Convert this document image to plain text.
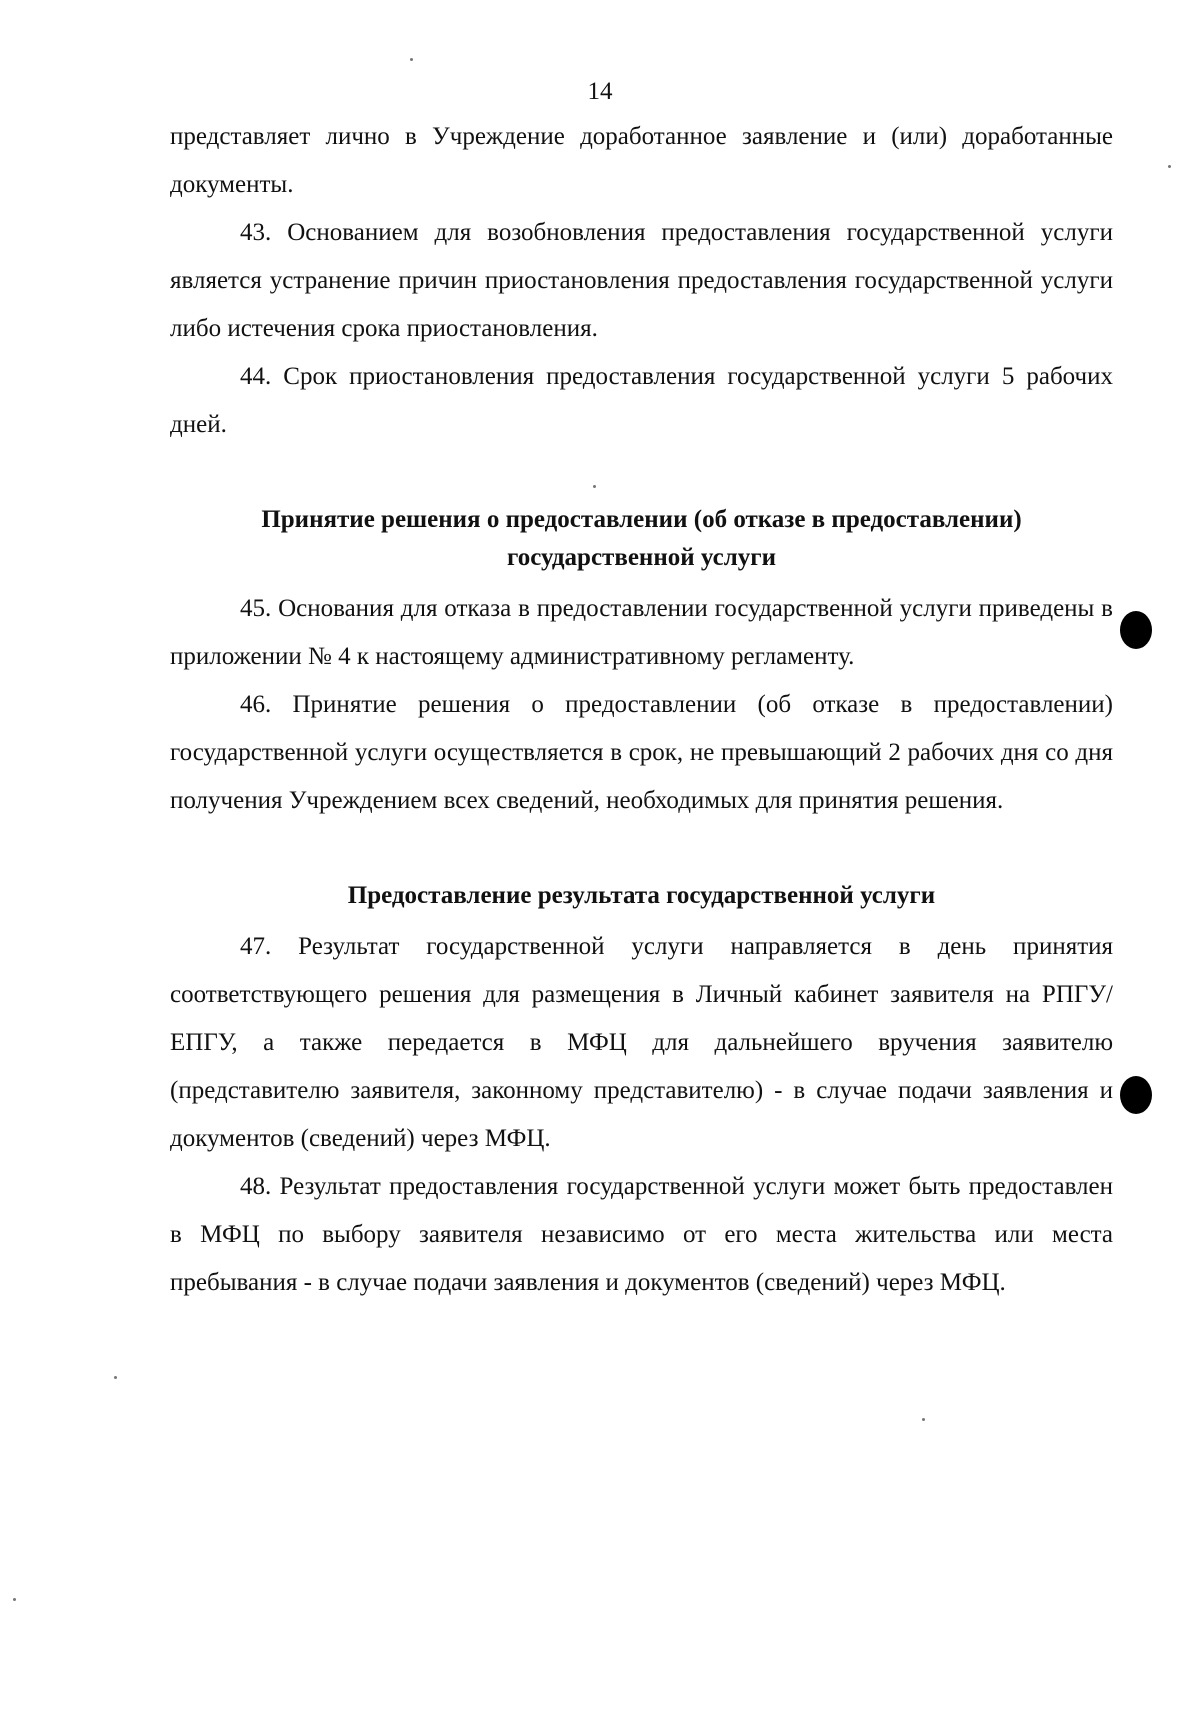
14

представляет лично в Учреждение доработанное заявление и (или) доработанные документы.

43. Основанием для возобновления предоставления государственной услуги является устранение причин приостановления предоставления государственной услуги либо истечения срока приостановления.

44. Срок приостановления предоставления государственной услуги 5 рабочих дней.

Принятие решения о предоставлении (об отказе в предоставлении)
государственной услуги

45. Основания для отказа в предоставлении государственной услуги приведены в приложении № 4 к настоящему административному регламенту.

46. Принятие решения о предоставлении (об отказе в предоставлении) государственной услуги осуществляется в срок, не превышающий 2 рабочих дня со дня получения Учреждением всех сведений, необходимых для принятия решения.

Предоставление результата государственной услуги

47. Результат государственной услуги направляется в день принятия соответствующего решения для размещения в Личный кабинет заявителя на РПГУ/ЕПГУ, а также передается в МФЦ для дальнейшего вручения заявителю (представителю заявителя, законному представителю) - в случае подачи заявления и документов (сведений) через МФЦ.

48. Результат предоставления государственной услуги может быть предоставлен в МФЦ по выбору заявителя независимо от его места жительства или места пребывания - в случае подачи заявления и документов (сведений) через МФЦ.
